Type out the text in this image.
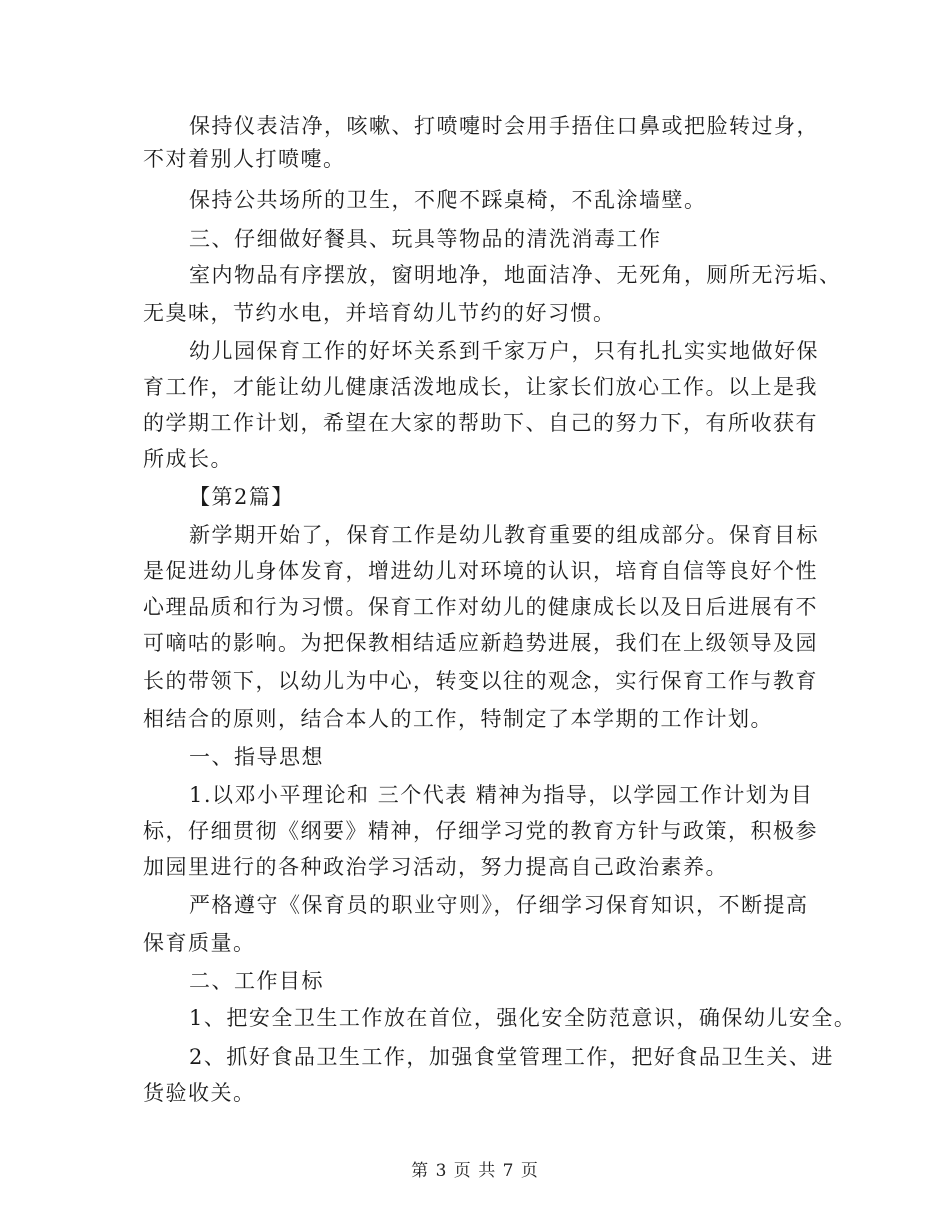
保持仪表洁净，咳嗽、打喷嚏时会用手捂住口鼻或把脸转过身，
不对着别人打喷嚏。
保持公共场所的卫生，不爬不踩桌椅，不乱涂墙壁。
三、仔细做好餐具、玩具等物品的清洗消毒工作
室内物品有序摆放，窗明地净，地面洁净、无死角，厕所无污垢、
无臭味，节约水电，并培育幼儿节约的好习惯。
幼儿园保育工作的好坏关系到千家万户，只有扎扎实实地做好保
育工作，才能让幼儿健康活泼地成长，让家长们放心工作。以上是我
的学期工作计划，希望在大家的帮助下、自己的努力下，有所收获有
所成长。
【第2篇】
新学期开始了，保育工作是幼儿教育重要的组成部分。保育目标
是促进幼儿身体发育，增进幼儿对环境的认识，培育自信等良好个性
心理品质和行为习惯。保育工作对幼儿的健康成长以及日后进展有不
可嘀咕的影响。为把保教相结适应新趋势进展，我们在上级领导及园
长的带领下，以幼儿为中心，转变以往的观念，实行保育工作与教育
相结合的原则，结合本人的工作，特制定了本学期的工作计划。
一、指导思想
1.以邓小平理论和 三个代表 精神为指导，以学园工作计划为目
标，仔细贯彻《纲要》精神，仔细学习党的教育方针与政策，积极参
加园里进行的各种政治学习活动，努力提高自己政治素养。
严格遵守《保育员的职业守则》，仔细学习保育知识，不断提高
保育质量。
二、工作目标
1、把安全卫生工作放在首位，强化安全防范意识，确保幼儿安全。
2、抓好食品卫生工作，加强食堂管理工作，把好食品卫生关、进
货验收关。
第 3 页 共 7 页
